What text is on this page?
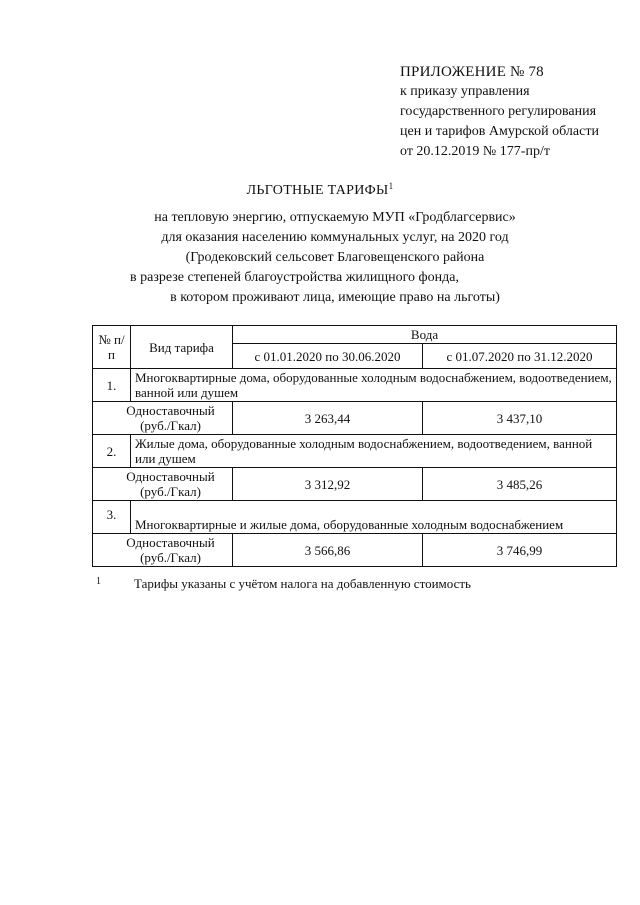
ПРИЛОЖЕНИЕ № 78
к приказу управления
государственного регулирования
цен и тарифов Амурской области
от 20.12.2019 № 177-пр/т
ЛЬГОТНЫЕ ТАРИФЫ$^1$
на тепловую энергию, отпускаемую МУП «Гродблагсервис»
для оказания населению коммунальных услуг, на 2020 год
(Гродековский сельсовет Благовещенского района
в разрезе степеней благоустройства жилищного фонда,
в котором проживают лица, имеющие право на льготы)
№ п/п	Вид тарифа	Вода	
		с 01.01.2020 по 30.06.2020	с 01.07.2020 по 31.12.2020
1.	Многоквартирные дома, оборудованные холодным водоснабжением, водоотведением, ванной или душем		
Одноставочный (руб./Гкал)		3 263,44	3 437,10
2.	Жилые дома, оборудованные холодным водоснабжением, водоотведением, ванной или душем		
Одноставочный (руб./Гкал)		3 312,92	3 485,26
3.	Многоквартирные и жилые дома, оборудованные холодным водоснабжением		
Одноставочный (руб./Гкал)		3 566,86	3 746,99
1	Тарифы указаны с учётом налога на добавленную стоимость
